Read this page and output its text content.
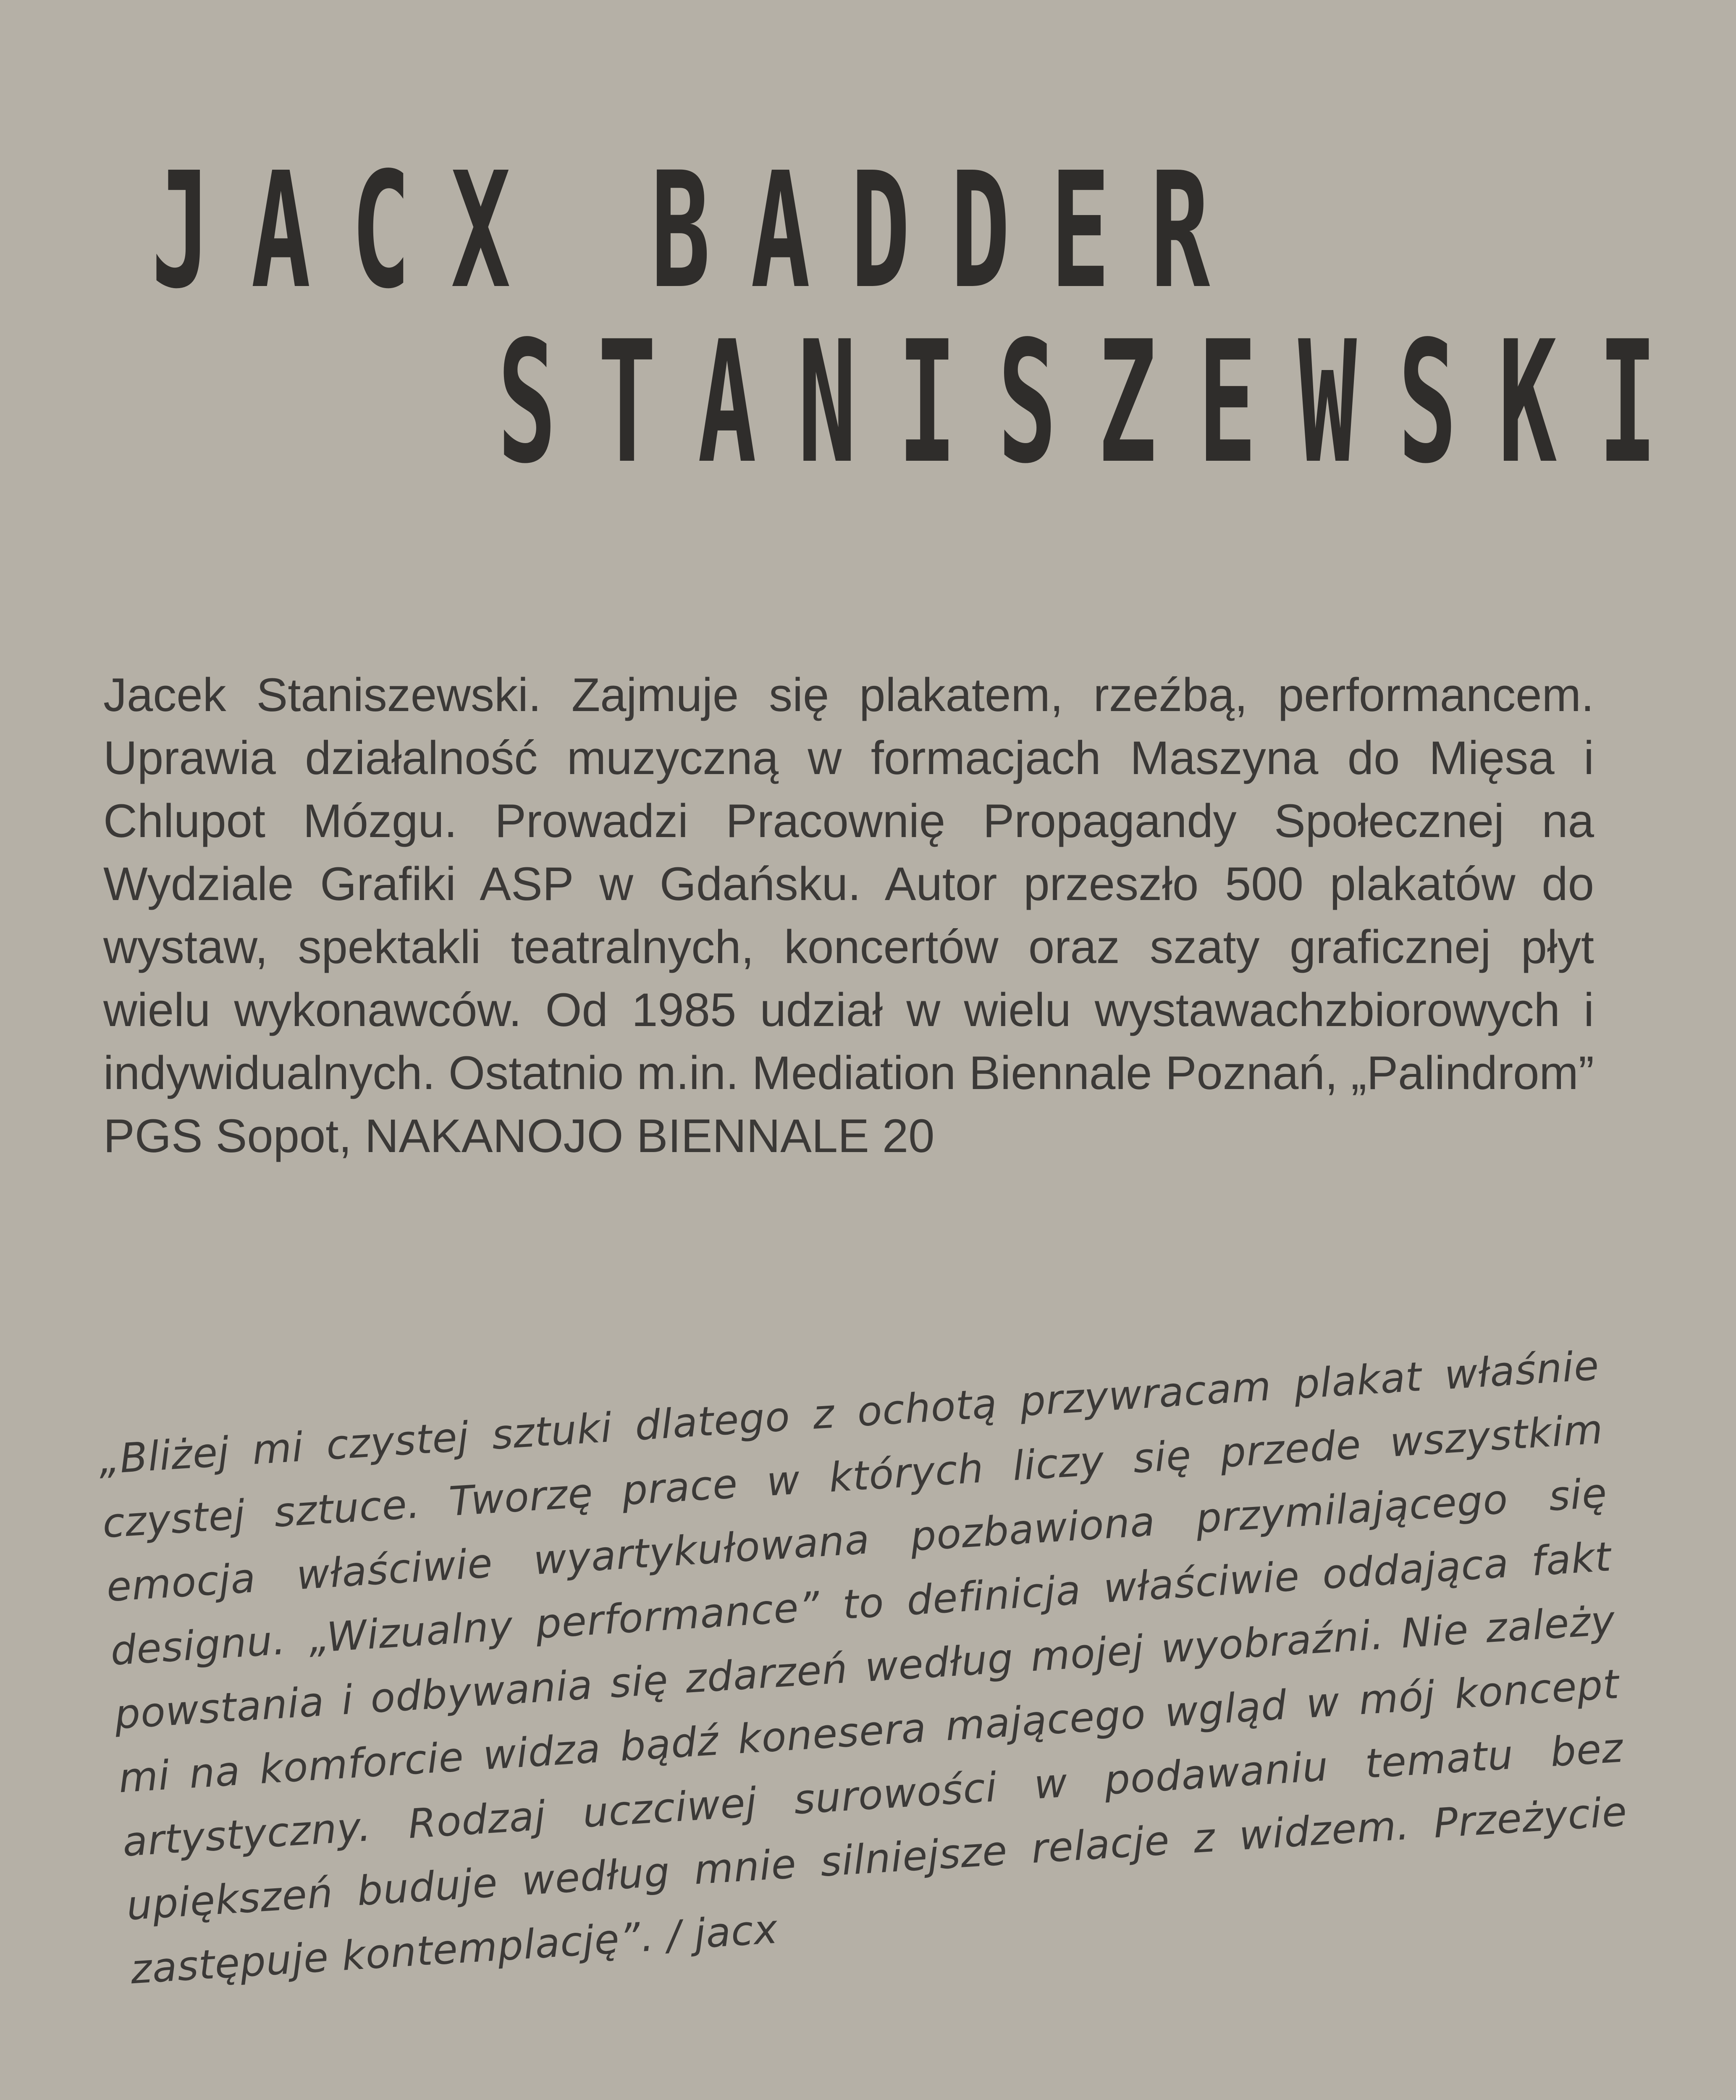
JACX BADDER
STANISZEWSKI

Jacek Staniszewski. Zajmuje się plakatem, rzeźbą, performancem. Uprawia działalność muzyczną w formacjach Maszyna do Mięsa i Chlupot Mózgu. Prowadzi Pracownię Propagandy Społecznej na Wydziale Grafiki ASP w Gdańsku. Autor przeszło 500 plakatów do wystaw, spektakli teatralnych, koncertów oraz szaty graficznej płyt wielu wykonawców. Od 1985 udział w wielu wystawachzbiorowych i indywidualnych. Ostatnio m.in. Mediation Biennale Poznań, „Palindrom” PGS Sopot, NAKANOJO BIENNALE 20

„Bliżej mi czystej sztuki dlatego z ochotą przywracam plakat właśnie czystej sztuce. Tworzę prace w których liczy się przede wszystkim emocja właściwie wyartykułowana pozbawiona przymilającego się designu. „Wizualny performance” to definicja właściwie oddająca fakt powstania i odbywania się zdarzeń według mojej wyobraźni. Nie zależy mi na komforcie widza bądź konesera mającego wgląd w mój koncept artystyczny. Rodzaj uczciwej surowości w podawaniu tematu bez upiększeń buduje według mnie silniejsze relacje z widzem. Przeżycie zastępuje kontemplację”. / jacx
